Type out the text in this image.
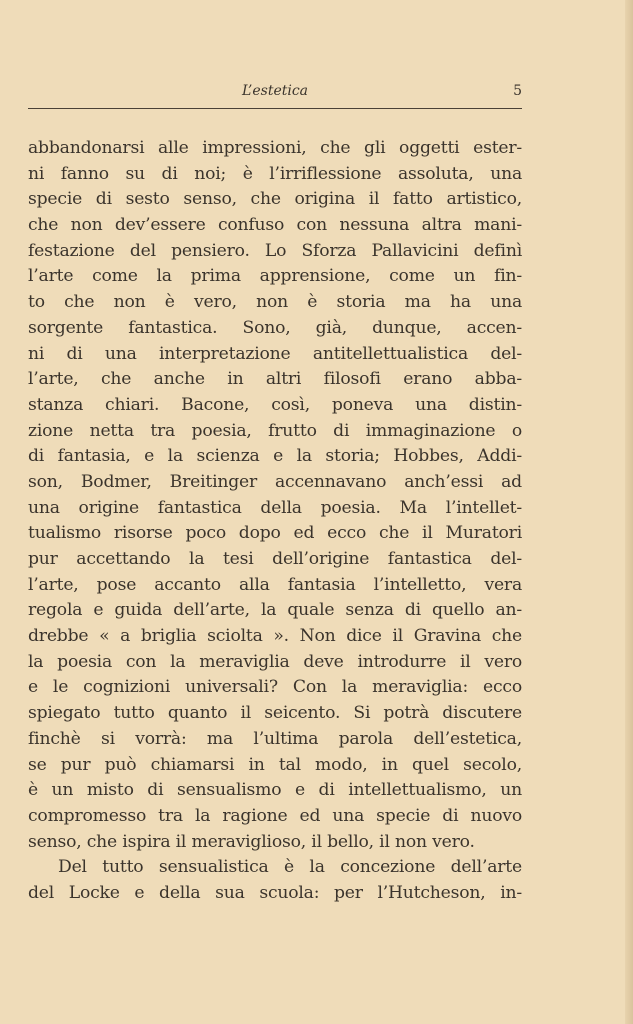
L’estetica	5
abbandonarsi alle impressioni, che gli oggetti ester-
ni fanno su di noi; è l’irriflessione assoluta, una
specie di sesto senso, che origina il fatto artistico,
che non dev’essere confuso con nessuna altra mani-
festazione del pensiero. Lo Sforza Pallavicini definì
l’arte come la prima apprensione, come un fin-
to che non è vero, non è storia ma ha una
sorgente fantastica. Sono, già, dunque, accen-
ni di una interpretazione antitellettualistica del-
l’arte, che anche in altri filosofi erano abba-
stanza chiari. Bacone, così, poneva una distin-
zione netta tra poesia, frutto di immaginazione o
di fantasia, e la scienza e la storia; Hobbes, Addi-
son, Bodmer, Breitinger accennavano anch’essi ad
una origine fantastica della poesia. Ma l’intellet-
tualismo risorse poco dopo ed ecco che il Muratori
pur accettando la tesi dell’origine fantastica del-
l’arte, pose accanto alla fantasia l’intelletto, vera
regola e guida dell’arte, la quale senza di quello an-
drebbe « a briglia sciolta ». Non dice il Gravina che
la poesia con la meraviglia deve introdurre il vero
e le cognizioni universali? Con la meraviglia: ecco
spiegato tutto quanto il seicento. Si potrà discutere
finchè si vorrà: ma l’ultima parola dell’estetica,
se pur può chiamarsi in tal modo, in quel secolo,
è un misto di sensualismo e di intellettualismo, un
compromesso tra la ragione ed una specie di nuovo
senso, che ispira il meraviglioso, il bello, il non vero.
Del tutto sensualistica è la concezione dell’arte
del Locke e della sua scuola: per l’Hutcheson, in-
